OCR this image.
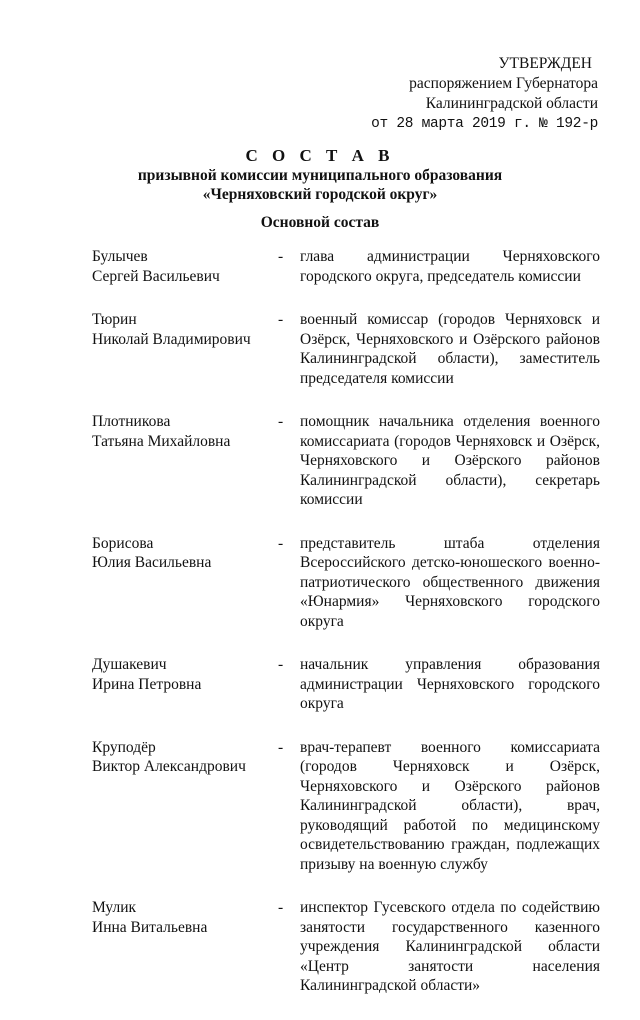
УТВЕРЖДЕН
распоряжением Губернатора
Калининградской области
от 28 марта 2019 г. № 192-р
С О С Т А В
призывной комиссии муниципального образования
«Черняховский городской округ»
Основной состав
Булычев
Сергей Васильевич
- глава администрации Черняховского городского округа, председатель комиссии
Тюрин
Николай Владимирович
- военный комиссар (городов Черняховск и Озёрск, Черняховского и Озёрского районов Калининградской области), заместитель председателя комиссии
Плотникова
Татьяна Михайловна
- помощник начальника отделения военного комиссариата (городов Черняховск и Озёрск, Черняховского и Озёрского районов Калининградской области), секретарь комиссии
Борисова
Юлия Васильевна
- представитель штаба отделения Всероссийского детско-юношеского военно-патриотического общественного движения «Юнармия» Черняховского городского округа
Душакевич
Ирина Петровна
- начальник управления образования администрации Черняховского городского округа
Круподёр
Виктор Александрович
- врач-терапевт военного комиссариата (городов Черняховск и Озёрск, Черняховского и Озёрского районов Калининградской области), врач, руководящий работой по медицинскому освидетельствованию граждан, подлежащих призыву на военную службу
Мулик
Инна Витальевна
- инспектор Гусевского отдела по содействию занятости государственного казенного учреждения Калининградской области «Центр занятости населения Калининградской области»
